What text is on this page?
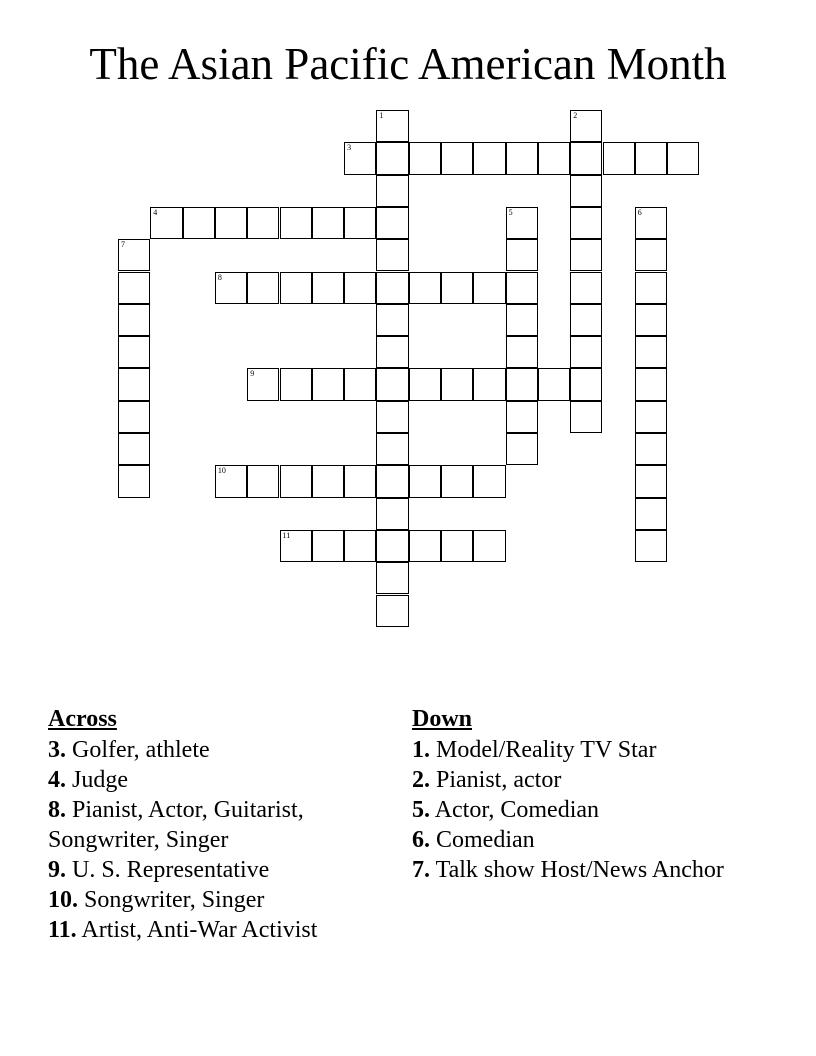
The Asian Pacific American Month
1	2
3
4	5	6
7
8
9
10
11
Across
3. Golfer, athlete
4. Judge
8. Pianist, Actor, Guitarist, Songwriter, Singer
9. U. S. Representative
10. Songwriter, Singer
11. Artist, Anti-War Activist
Down
1. Model/Reality TV Star
2. Pianist, actor
5. Actor, Comedian
6. Comedian
7. Talk show Host/News Anchor
